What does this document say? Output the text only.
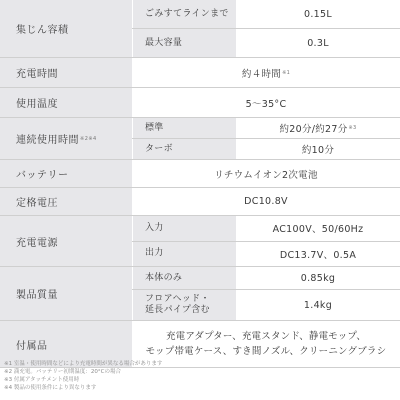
集じん容積
ごみすてラインまで	0.15L
最大容量	0.3L
充電時間	約４時間 ※1
使用温度	5〜35°C
連続使用時間 ※2※4
標準	約20分/約27分 ※3
ターボ	約10分
バッテリー	リチウムイオン2次電池
定格電圧	DC10.8V
充電電源
入力	AC100V、50/60Hz
出力	DC13.7V、0.5A
製品質量
本体のみ	0.85kg
フロアヘッド・
延長パイプ含む	1.4kg
付属品
充電アダプター、充電スタンド、静電モップ、
モップ帯電ケース、すき間ノズル、クリーニングブラシ
※1 室温・使用時間などにより充電時間が異なる場合があります
※2 満充電。バッテリー初期温度：20°Cの場合
※3 付属アタッチメント使用時
※4 製品の使用条件により異なります
